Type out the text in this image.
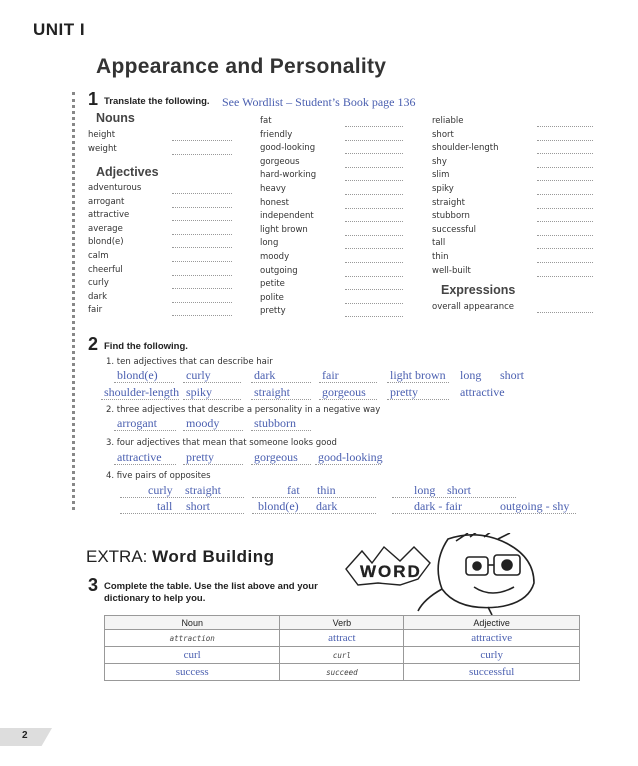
UNIT I
Appearance and Personality
1 Translate the following. See Wordlist – Student’s Book page 136
Nouns
height
weight
Adjectives
adventurous
arrogant
attractive
average
blond(e)
calm
cheerful
curly
dark
fair
fat
friendly
good-looking
gorgeous
hard-working
heavy
honest
independent
light brown
long
moody
outgoing
petite
polite
pretty
reliable
short
shoulder-length
shy
slim
spiky
straight
stubborn
successful
tall
thin
well-built
Expressions
overall appearance
2 Find the following.
1. ten adjectives that can describe hair
blond(e) curly	dark	fair	light brown long short
shoulder-length spiky	straight	gorgeous pretty	attractive
2. three adjectives that describe a personality in a negative way
arrogant moody	stubborn
3. four adjectives that mean that someone looks good
attractive pretty	gorgeous good-looking
4. five pairs of opposites
curly straight	fat thin	long short
tall short	blond(e) dark	dark - fair	outgoing - shy
EXTRA: Word Building
WORD
3 Complete the table. Use the list above and your
dictionary to help you.
Noun	Verb	Adjective
attraction	attract	attractive
curl	curl	curly
success	succeed	successful
2
